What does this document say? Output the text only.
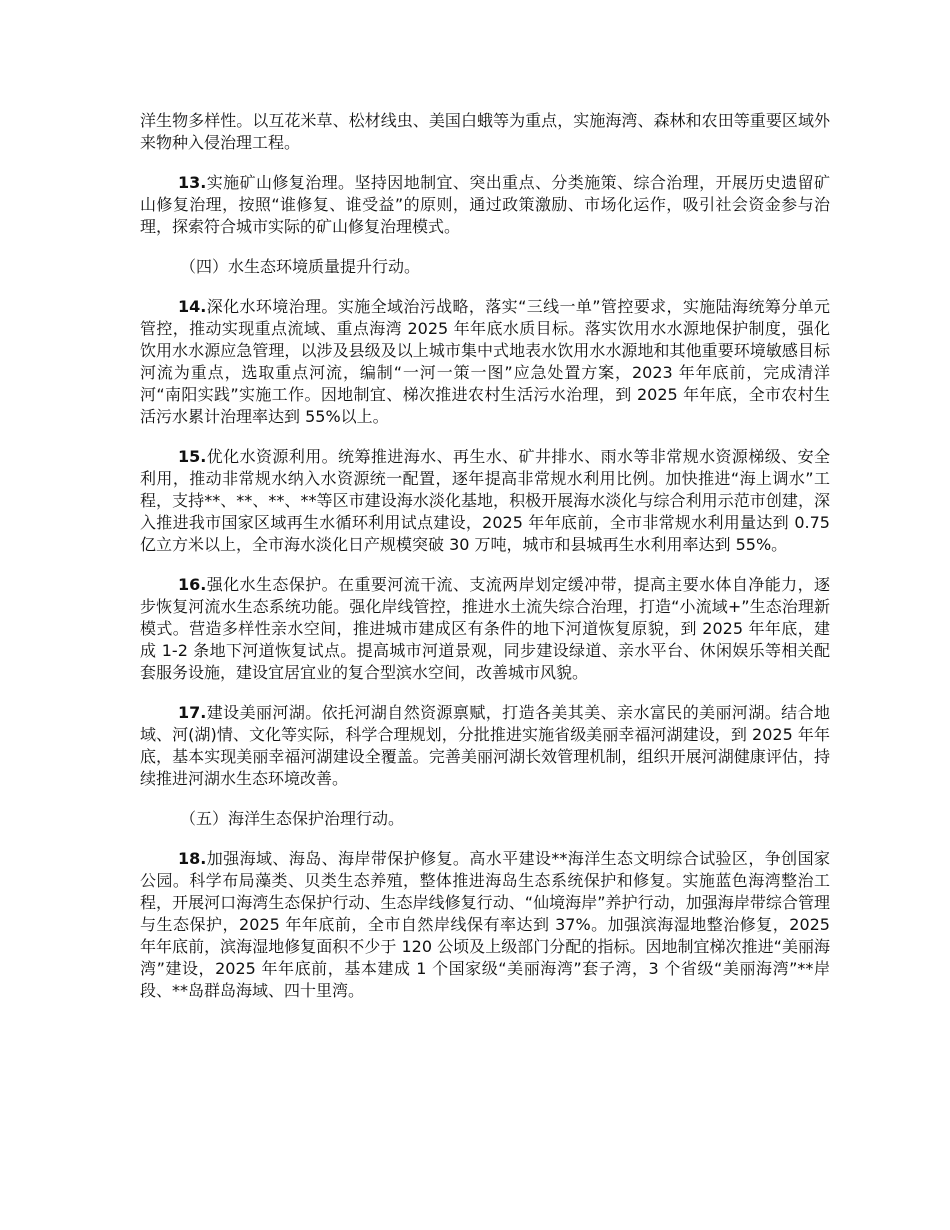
洋生物多样性。以互花米草、松材线虫、美国白蛾等为重点，实施海湾、森林和农田等重要区域外来物种入侵治理工程。

13.实施矿山修复治理。坚持因地制宜、突出重点、分类施策、综合治理，开展历史遗留矿山修复治理，按照“谁修复、谁受益”的原则，通过政策激励、市场化运作，吸引社会资金参与治理，探索符合城市实际的矿山修复治理模式。

（四）水生态环境质量提升行动。

14.深化水环境治理。实施全域治污战略，落实“三线一单”管控要求，实施陆海统筹分单元管控，推动实现重点流域、重点海湾 2025 年年底水质目标。落实饮用水水源地保护制度，强化饮用水水源应急管理，以涉及县级及以上城市集中式地表水饮用水水源地和其他重要环境敏感目标河流为重点，选取重点河流，编制“一河一策一图”应急处置方案，2023 年年底前，完成清洋河“南阳实践”实施工作。因地制宜、梯次推进农村生活污水治理，到 2025 年年底，全市农村生活污水累计治理率达到 55%以上。

15.优化水资源利用。统筹推进海水、再生水、矿井排水、雨水等非常规水资源梯级、安全利用，推动非常规水纳入水资源统一配置，逐年提高非常规水利用比例。加快推进“海上调水”工程，支持**、**、**、**等区市建设海水淡化基地，积极开展海水淡化与综合利用示范市创建，深入推进我市国家区域再生水循环利用试点建设，2025 年年底前，全市非常规水利用量达到 0.75 亿立方米以上，全市海水淡化日产规模突破 30 万吨，城市和县城再生水利用率达到 55%。

16.强化水生态保护。在重要河流干流、支流两岸划定缓冲带，提高主要水体自净能力，逐步恢复河流水生态系统功能。强化岸线管控，推进水土流失综合治理，打造“小流域+”生态治理新模式。营造多样性亲水空间，推进城市建成区有条件的地下河道恢复原貌，到 2025 年年底，建成 1-2 条地下河道恢复试点。提高城市河道景观，同步建设绿道、亲水平台、休闲娱乐等相关配套服务设施，建设宜居宜业的复合型滨水空间，改善城市风貌。

17.建设美丽河湖。依托河湖自然资源禀赋，打造各美其美、亲水富民的美丽河湖。结合地域、河(湖)情、文化等实际，科学合理规划，分批推进实施省级美丽幸福河湖建设，到 2025 年年底，基本实现美丽幸福河湖建设全覆盖。完善美丽河湖长效管理机制，组织开展河湖健康评估，持续推进河湖水生态环境改善。

（五）海洋生态保护治理行动。

18.加强海域、海岛、海岸带保护修复。高水平建设**海洋生态文明综合试验区，争创国家公园。科学布局藻类、贝类生态养殖，整体推进海岛生态系统保护和修复。实施蓝色海湾整治工程，开展河口海湾生态保护行动、生态岸线修复行动、“仙境海岸”养护行动，加强海岸带综合管理与生态保护，2025 年年底前，全市自然岸线保有率达到 37%。加强滨海湿地整治修复，2025 年年底前，滨海湿地修复面积不少于 120 公顷及上级部门分配的指标。因地制宜梯次推进“美丽海湾”建设，2025 年年底前，基本建成 1 个国家级“美丽海湾”套子湾，3 个省级“美丽海湾”**岸段、**岛群岛海域、四十里湾。
